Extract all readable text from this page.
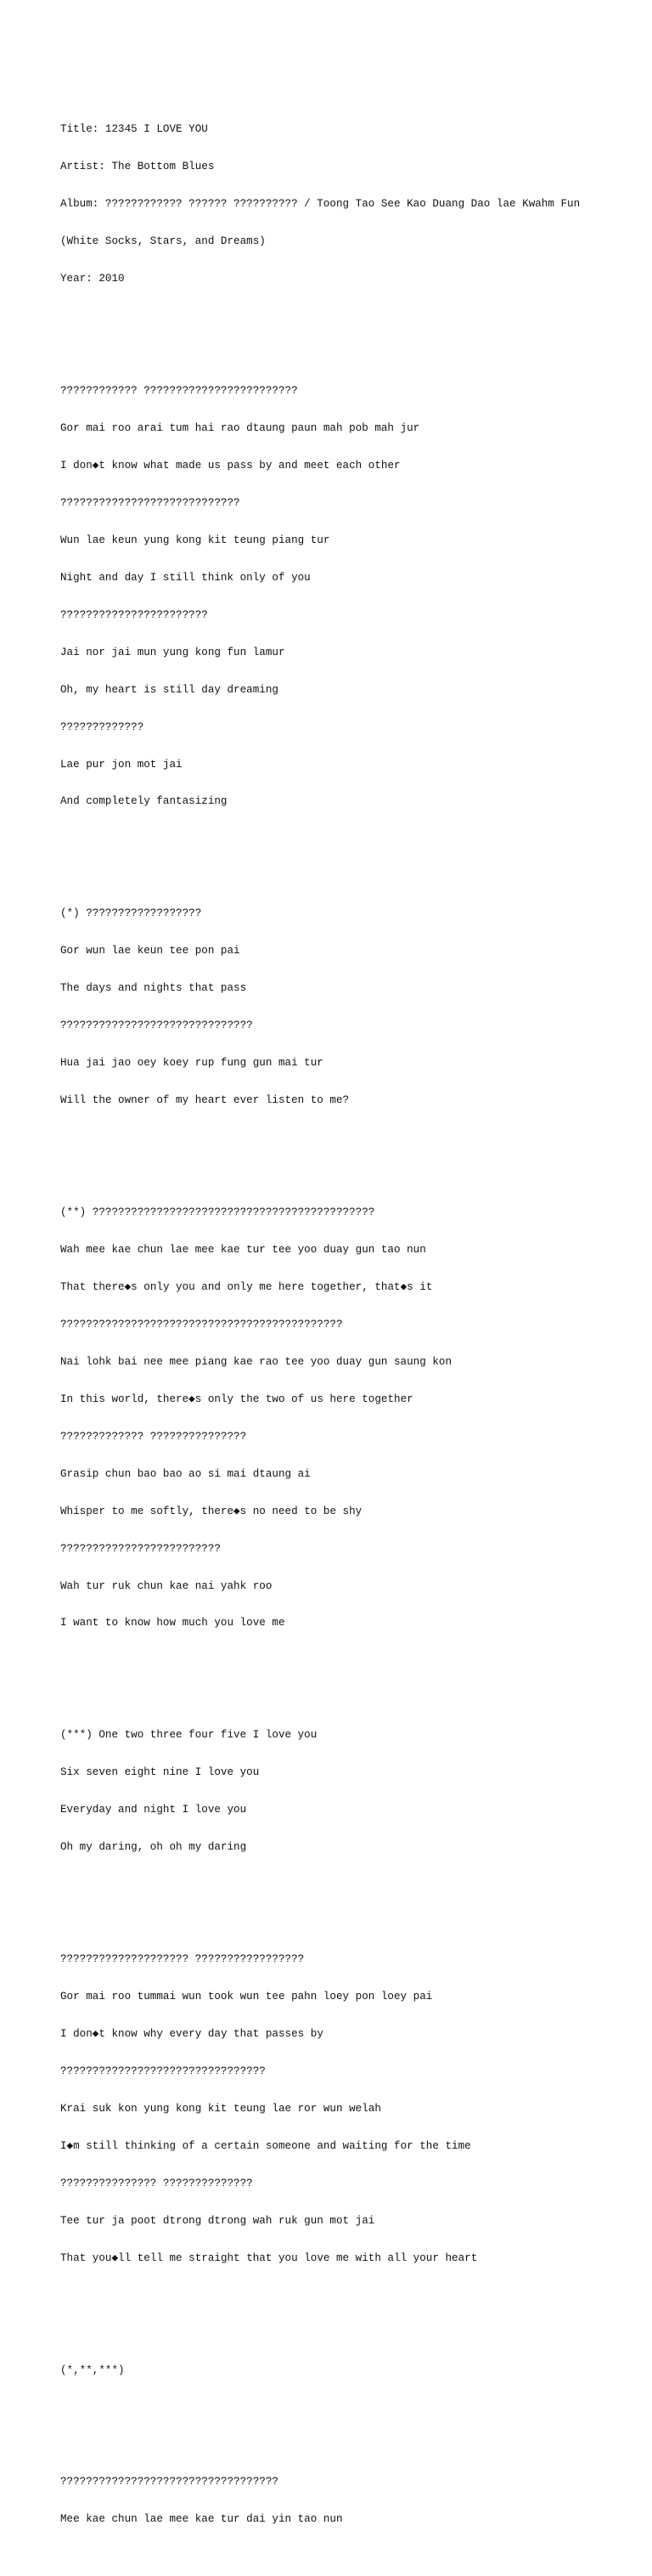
Title: 12345 I LOVE YOU

Artist: The Bottom Blues

Album: ???????????? ?????? ?????????? / Toong Tao See Kao Duang Dao lae Kwahm Fun

(White Socks, Stars, and Dreams)

Year: 2010

???????????? ????????????????????????

Gor mai roo arai tum hai rao dtaung paun mah pob mah jur

I don◆t know what made us pass by and meet each other

????????????????????????????

Wun lae keun yung kong kit teung piang tur

Night and day I still think only of you

???????????????????????

Jai nor jai mun yung kong fun lamur

Oh, my heart is still day dreaming

?????????????

Lae pur jon mot jai

And completely fantasizing

(*) ??????????????????

Gor wun lae keun tee pon pai

The days and nights that pass

??????????????????????????????

Hua jai jao oey koey rup fung gun mai tur

Will the owner of my heart ever listen to me?

(**) ????????????????????????????????????????????

Wah mee kae chun lae mee kae tur tee yoo duay gun tao nun

That there◆s only you and only me here together, that◆s it

????????????????????????????????????????????

Nai lohk bai nee mee piang kae rao tee yoo duay gun saung kon

In this world, there◆s only the two of us here together

????????????? ???????????????

Grasip chun bao bao ao si mai dtaung ai

Whisper to me softly, there◆s no need to be shy

?????????????????????????

Wah tur ruk chun kae nai yahk roo

I want to know how much you love me

(***) One two three four five I love you

Six seven eight nine I love you

Everyday and night I love you

Oh my daring, oh oh my daring

???????????????????? ?????????????????

Gor mai roo tummai wun took wun tee pahn loey pon loey pai

I don◆t know why every day that passes by

????????????????????????????????

Krai suk kon yung kong kit teung lae ror wun welah

I◆m still thinking of a certain someone and waiting for the time

??????????????? ??????????????

Tee tur ja poot dtrong dtrong wah ruk gun mot jai

That you◆ll tell me straight that you love me with all your heart

(*,**,***)

??????????????????????????????????

Mee kae chun lae mee kae tur dai yin tao nun
